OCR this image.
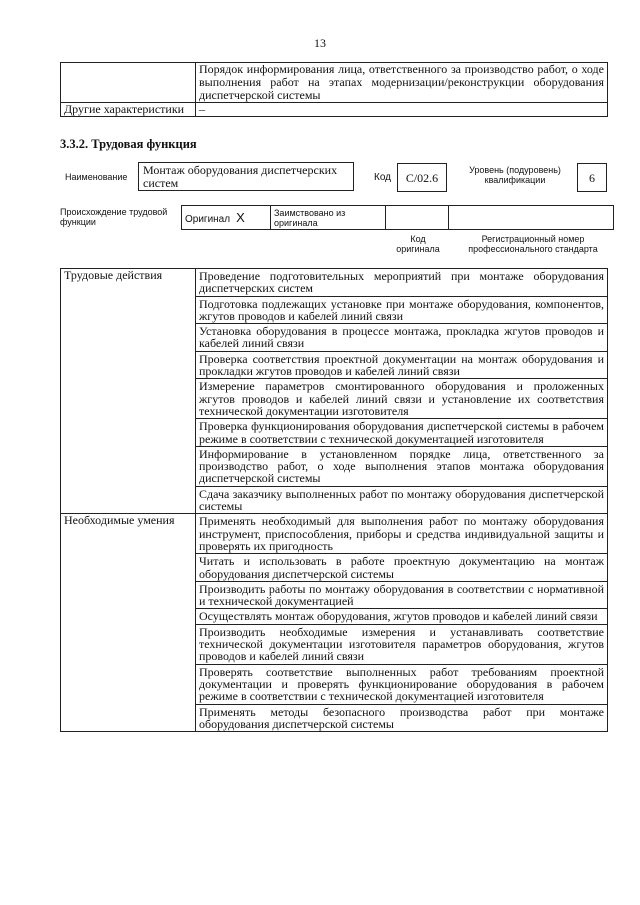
13
	Порядок информирования лица, ответственного за производство работ, о ходе выполнения работ на этапах модернизации/реконструкции оборудования диспетчерской системы
Другие характеристики	–
3.3.2. Трудовая функция
Наименование	Монтаж оборудования диспетчерских систем	Код	C/02.6
Уровень (подуровень) квалификации	6
Происхождение трудовой функции	Оригинал X	Заимствовано из оригинала		
Код оригинала
Регистрационный номер профессионального стандарта
Трудовые действия	Проведение подготовительных мероприятий при монтаже оборудования диспетчерских систем
	Подготовка подлежащих установке при монтаже оборудования, компонентов, жгутов проводов и кабелей линий связи
	Установка оборудования в процессе монтажа, прокладка жгутов проводов и кабелей линий связи
	Проверка соответствия проектной документации на монтаж оборудования и прокладки жгутов проводов и кабелей линий связи
	Измерение параметров смонтированного оборудования и проложенных жгутов проводов и кабелей линий связи и установление их соответствия технической документации изготовителя
	Проверка функционирования оборудования диспетчерской системы в рабочем режиме в соответствии с технической документацией изготовителя
	Информирование в установленном порядке лица, ответственного за производство работ, о ходе выполнения этапов монтажа оборудования диспетчерской системы
	Сдача заказчику выполненных работ по монтажу оборудования диспетчерской системы
Необходимые умения	Применять необходимый для выполнения работ по монтажу оборудования инструмент, приспособления, приборы и средства индивидуальной защиты и проверять их пригодность
	Читать и использовать в работе проектную документацию на монтаж оборудования диспетчерской системы
	Производить работы по монтажу оборудования в соответствии с нормативной и технической документацией
	Осуществлять монтаж оборудования, жгутов проводов и кабелей линий связи
	Производить необходимые измерения и устанавливать соответствие технической документации изготовителя параметров оборудования, жгутов проводов и кабелей линий связи
	Проверять соответствие выполненных работ требованиям проектной документации и проверять функционирование оборудования в рабочем режиме в соответствии с технической документацией изготовителя
	Применять методы безопасного производства работ при монтаже оборудования диспетчерской системы
